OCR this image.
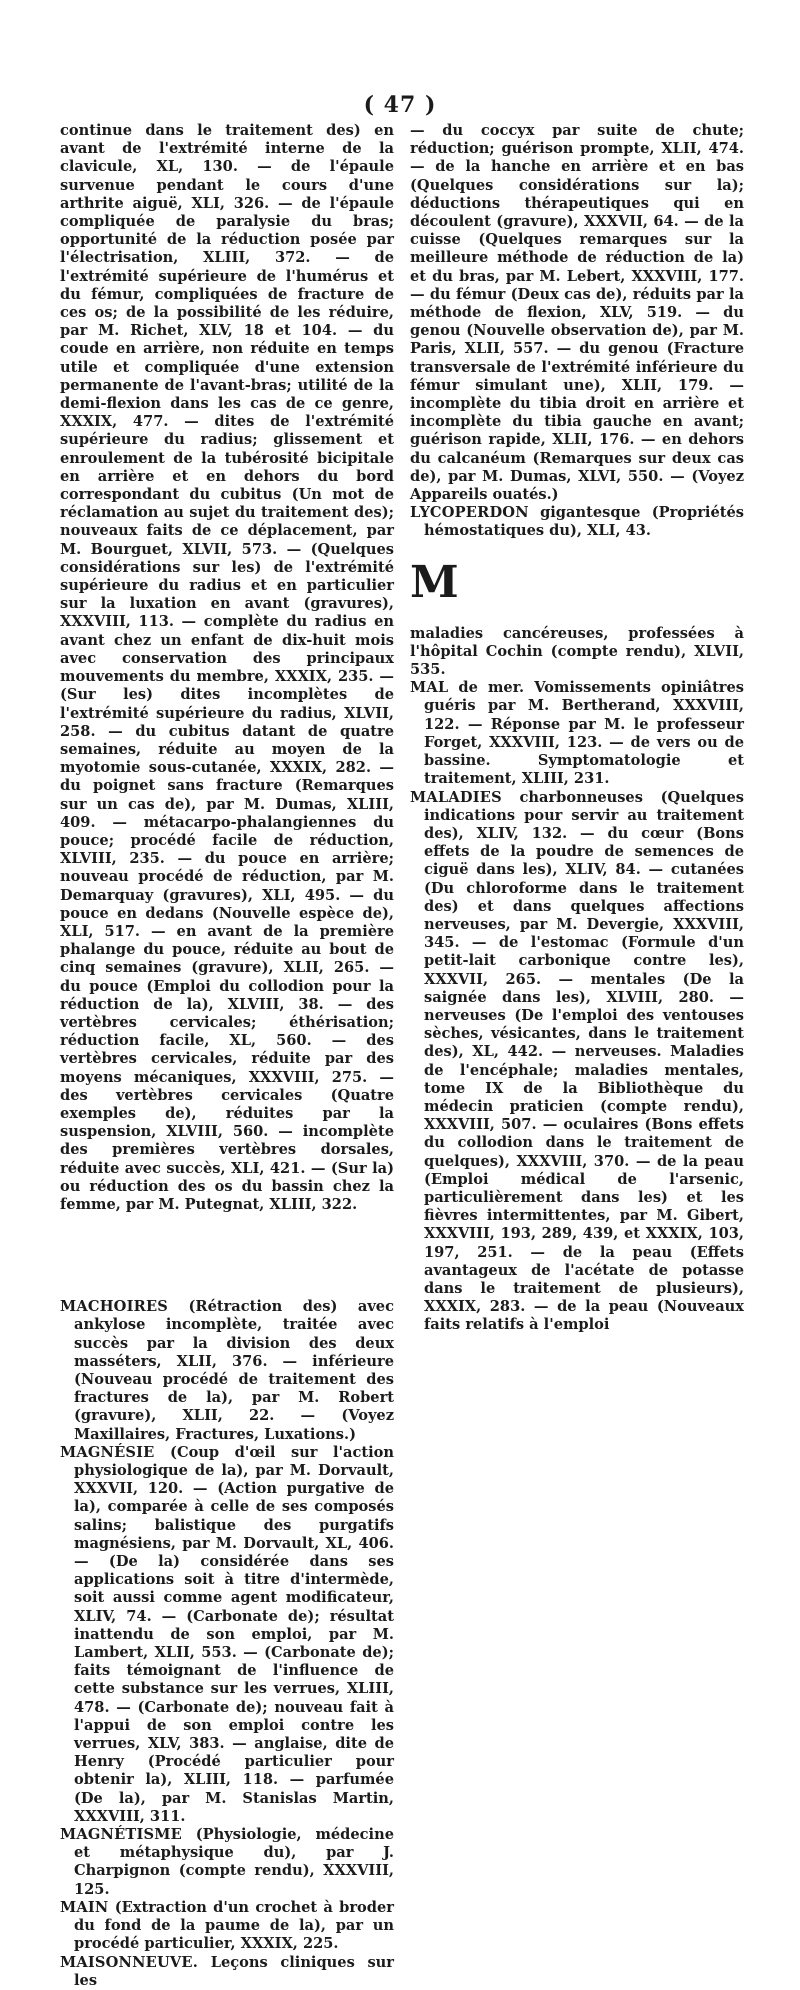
( 47 )

continue dans le traitement des) en avant de l'extrémité interne de la clavicule, XL, 130. — de l'épaule survenue pendant le cours d'une arthrite aiguë, XLI, 326. — de l'épaule compliquée de paralysie du bras; opportunité de la réduction posée par l'électrisation, XLIII, 372. — de l'extrémité supérieure de l'humérus et du fémur, compliquées de fracture de ces os; de la possibilité de les réduire, par M. Richet, XLV, 18 et 104. — du coude en arrière, non réduite en temps utile et compliquée d'une extension permanente de l'avant-bras; utilité de la demi-flexion dans les cas de ce genre, XXXIX, 477. — dites de l'extrémité supérieure du radius; glissement et enroulement de la tubérosité bicipitale en arrière et en dehors du bord correspondant du cubitus (Un mot de réclamation au sujet du traitement des); nouveaux faits de ce déplacement, par M. Bourguet, XLVII, 573. — (Quelques considérations sur les) de l'extrémité supérieure du radius et en particulier sur la luxation en avant (gravures), XXXVIII, 113. — complète du radius en avant chez un enfant de dix-huit mois avec conservation des principaux mouvements du membre, XXXIX, 235. — (Sur les) dites incomplètes de l'extrémité supérieure du radius, XLVII, 258. — du cubitus datant de quatre semaines, réduite au moyen de la myotomie sous-cutanée, XXXIX, 282. — du poignet sans fracture (Remarques sur un cas de), par M. Dumas, XLIII, 409. — métacarpo-phalangiennes du pouce; procédé facile de réduction, XLVIII, 235. — du pouce en arrière; nouveau procédé de réduction, par M. Demarquay (gravures), XLI, 495. — du pouce en dedans (Nouvelle espèce de), XLI, 517. — en avant de la première phalange du pouce, réduite au bout de cinq semaines (gravure), XLII, 265. — du pouce (Emploi du collodion pour la réduction de la), XLVIII, 38. — des vertèbres cervicales; éthérisation; réduction facile, XL, 560. — des vertèbres cervicales, réduite par des moyens mécaniques, XXXVIII, 275. — des vertèbres cervicales (Quatre exemples de), réduites par la suspension, XLVIII, 560. — incomplète des premières vertèbres dorsales, réduite avec succès, XLI, 421. — (Sur la) ou réduction des os du bassin chez la femme, par M. Putegnat, XLIII, 322.

MACHOIRES (Rétraction des) avec ankylose incomplète, traitée avec succès par la division des deux masséters, XLII, 376. — inférieure (Nouveau procédé de traitement des fractures de la), par M. Robert (gravure), XLII, 22. — (Voyez Maxillaires, Fractures, Luxations.)

MAGNÉSIE (Coup d'œil sur l'action physiologique de la), par M. Dorvault, XXXVII, 120. — (Action purgative de la), comparée à celle de ses composés salins; balistique des purgatifs magnésiens, par M. Dorvault, XL, 406. — (De la) considérée dans ses applications soit à titre d'intermède, soit aussi comme agent modificateur, XLIV, 74. — (Carbonate de); résultat inattendu de son emploi, par M. Lambert, XLII, 553. — (Carbonate de); faits témoignant de l'influence de cette substance sur les verrues, XLIII, 478. — (Carbonate de); nouveau fait à l'appui de son emploi contre les verrues, XLV, 383. — anglaise, dite de Henry (Procédé particulier pour obtenir la), XLIII, 118. — parfumée (De la), par M. Stanislas Martin, XXXVIII, 311.

MAGNÉTISME (Physiologie, médecine et métaphysique du), par J. Charpignon (compte rendu), XXXVIII, 125.

MAIN (Extraction d'un crochet à broder du fond de la paume de la), par un procédé particulier, XXXIX, 225.

MAISONNEUVE. Leçons cliniques sur les

— du coccyx par suite de chute; réduction; guérison prompte, XLII, 474. — de la hanche en arrière et en bas (Quelques considérations sur la); déductions thérapeutiques qui en découlent (gravure), XXXVII, 64. — de la cuisse (Quelques remarques sur la meilleure méthode de réduction de la) et du bras, par M. Lebert, XXXVIII, 177. — du fémur (Deux cas de), réduits par la méthode de flexion, XLV, 519. — du genou (Nouvelle observation de), par M. Paris, XLII, 557. — du genou (Fracture transversale de l'extrémité inférieure du fémur simulant une), XLII, 179. — incomplète du tibia droit en arrière et incomplète du tibia gauche en avant; guérison rapide, XLII, 176. — en dehors du calcanéum (Remarques sur deux cas de), par M. Dumas, XLVI, 550. — (Voyez Appareils ouatés.)

LYCOPERDON gigantesque (Propriétés hémostatiques du), XLI, 43.

M

maladies cancéreuses, professées à l'hôpital Cochin (compte rendu), XLVII, 535.

MAL de mer. Vomissements opiniâtres guéris par M. Bertherand, XXXVIII, 122. — Réponse par M. le professeur Forget, XXXVIII, 123. — de vers ou de bassine. Symptomatologie et traitement, XLIII, 231.

MALADIES charbonneuses (Quelques indications pour servir au traitement des), XLIV, 132. — du cœur (Bons effets de la poudre de semences de ciguë dans les), XLIV, 84. — cutanées (Du chloroforme dans le traitement des) et dans quelques affections nerveuses, par M. Devergie, XXXVIII, 345. — de l'estomac (Formule d'un petit-lait carbonique contre les), XXXVII, 265. — mentales (De la saignée dans les), XLVIII, 280. — nerveuses (De l'emploi des ventouses sèches, vésicantes, dans le traitement des), XL, 442. — nerveuses. Maladies de l'encéphale; maladies mentales, tome IX de la Bibliothèque du médecin praticien (compte rendu), XXXVIII, 507. — oculaires (Bons effets du collodion dans le traitement de quelques), XXXVIII, 370. — de la peau (Emploi médical de l'arsenic, particulièrement dans les) et les fièvres intermittentes, par M. Gibert, XXXVIII, 193, 289, 439, et XXXIX, 103, 197, 251. — de la peau (Effets avantageux de l'acétate de potasse dans le traitement de plusieurs), XXXIX, 283. — de la peau (Nouveaux faits relatifs à l'emploi
